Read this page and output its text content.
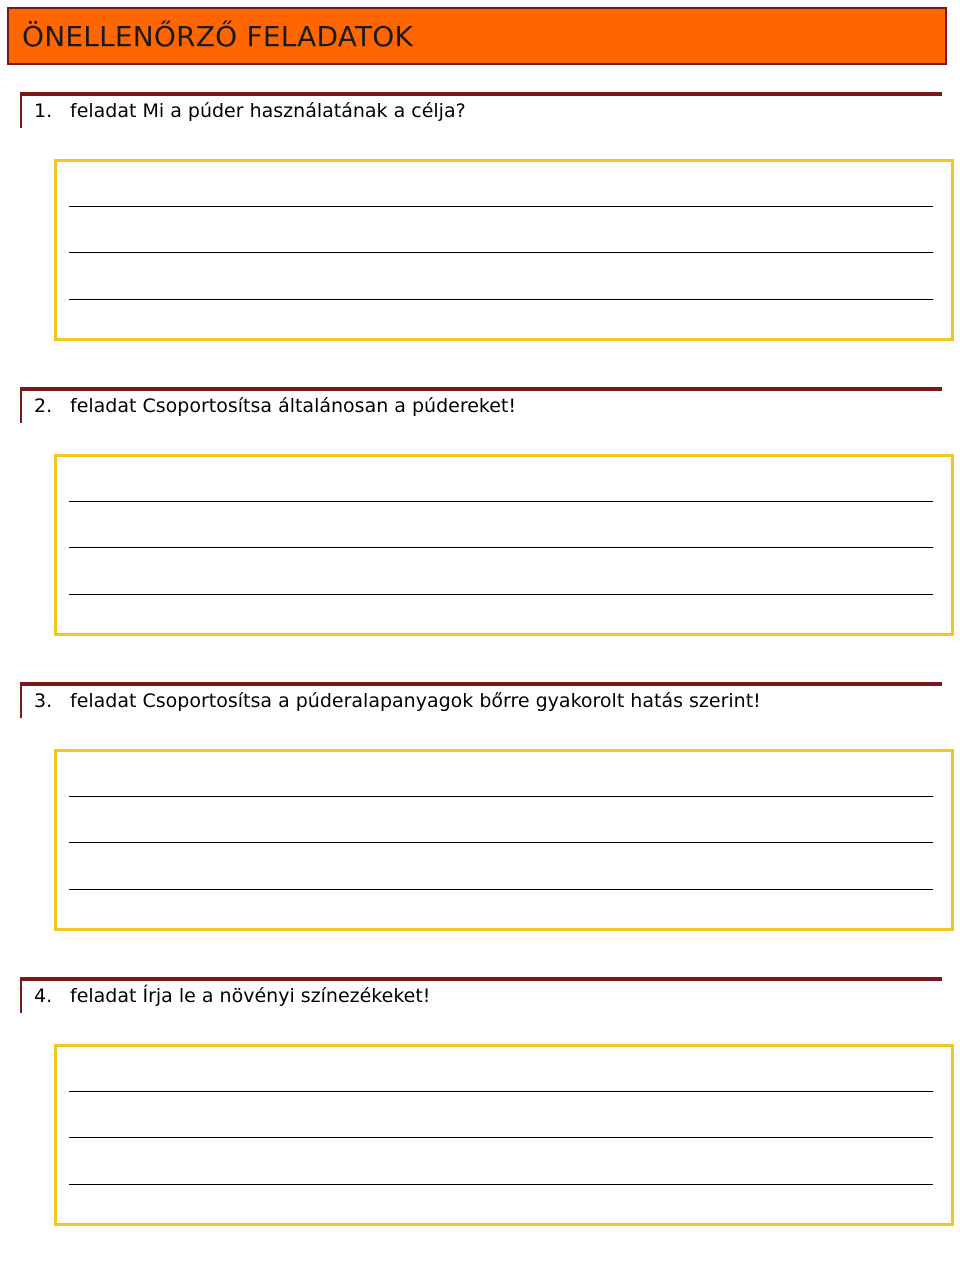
ÖNELLENŐRZŐ FELADATOK
1. feladat Mi a púder használatának a célja?
2. feladat Csoportosítsa általánosan a púdereket!
3. feladat Csoportosítsa a púderalapanyagok bőrre gyakorolt hatás szerint!
4. feladat Írja le a növényi színezékeket!
